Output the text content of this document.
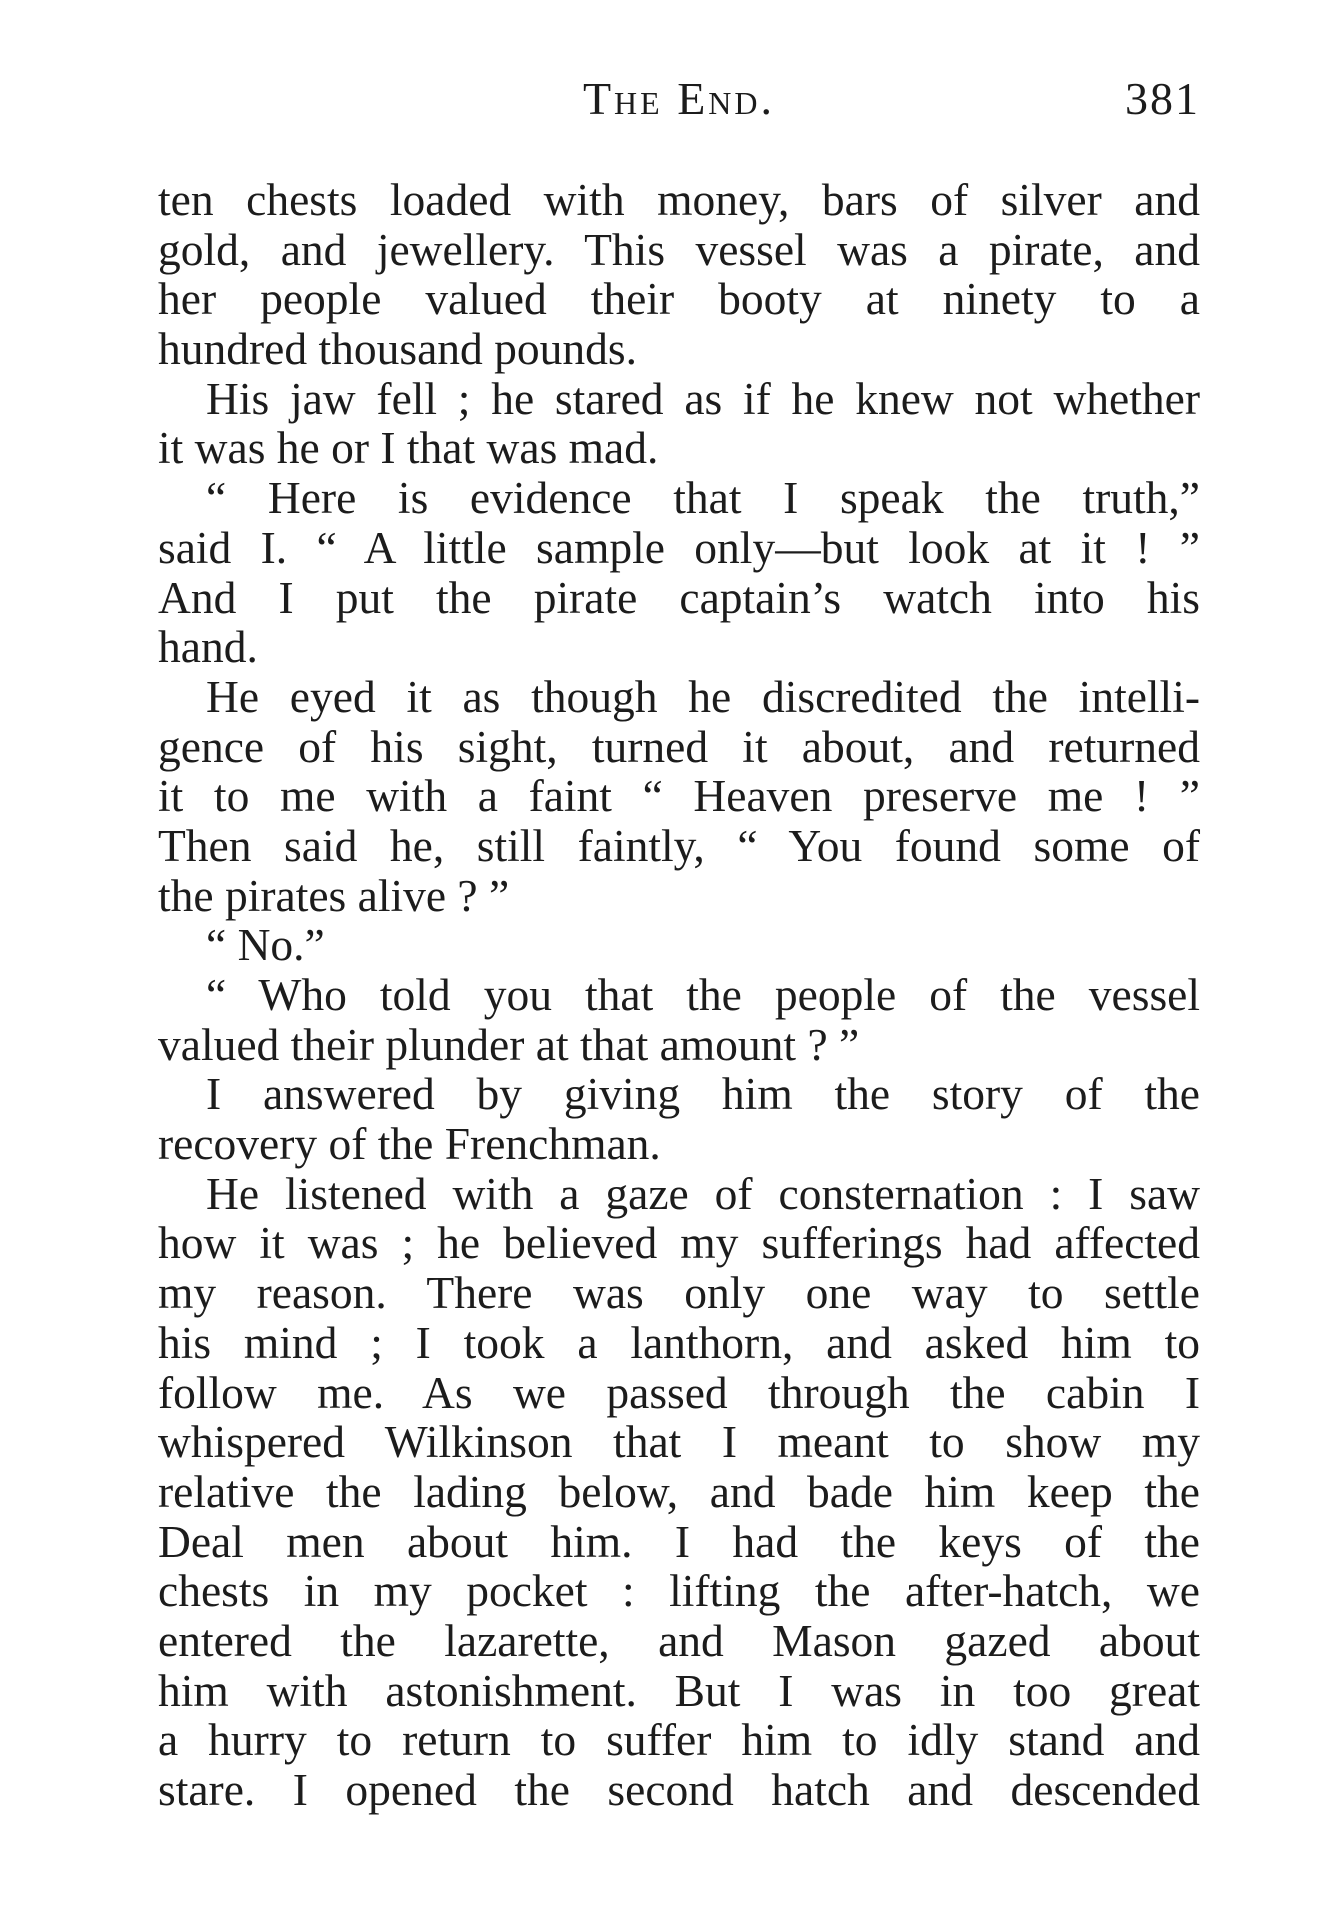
The End.	381
ten chests loaded with money, bars of silver and
gold, and jewellery. This vessel was a pirate, and
her people valued their booty at ninety to a
hundred thousand pounds.
His jaw fell ; he stared as if he knew not whether
it was he or I that was mad.
“ Here is evidence that I speak the truth,”
said I. “ A little sample only—but look at it ! ”
And I put the pirate captain’s watch into his
hand.
He eyed it as though he discredited the intelli-
gence of his sight, turned it about, and returned
it to me with a faint “ Heaven preserve me ! ”
Then said he, still faintly, “ You found some of
the pirates alive ? ”
“ No.”
“ Who told you that the people of the vessel
valued their plunder at that amount ? ”
I answered by giving him the story of the
recovery of the Frenchman.
He listened with a gaze of consternation : I saw
how it was ; he believed my sufferings had affected
my reason. There was only one way to settle
his mind ; I took a lanthorn, and asked him to
follow me. As we passed through the cabin I
whispered Wilkinson that I meant to show my
relative the lading below, and bade him keep the
Deal men about him. I had the keys of the
chests in my pocket : lifting the after-hatch, we
entered the lazarette, and Mason gazed about
him with astonishment. But I was in too great
a hurry to return to suffer him to idly stand and
stare. I opened the second hatch and descended
